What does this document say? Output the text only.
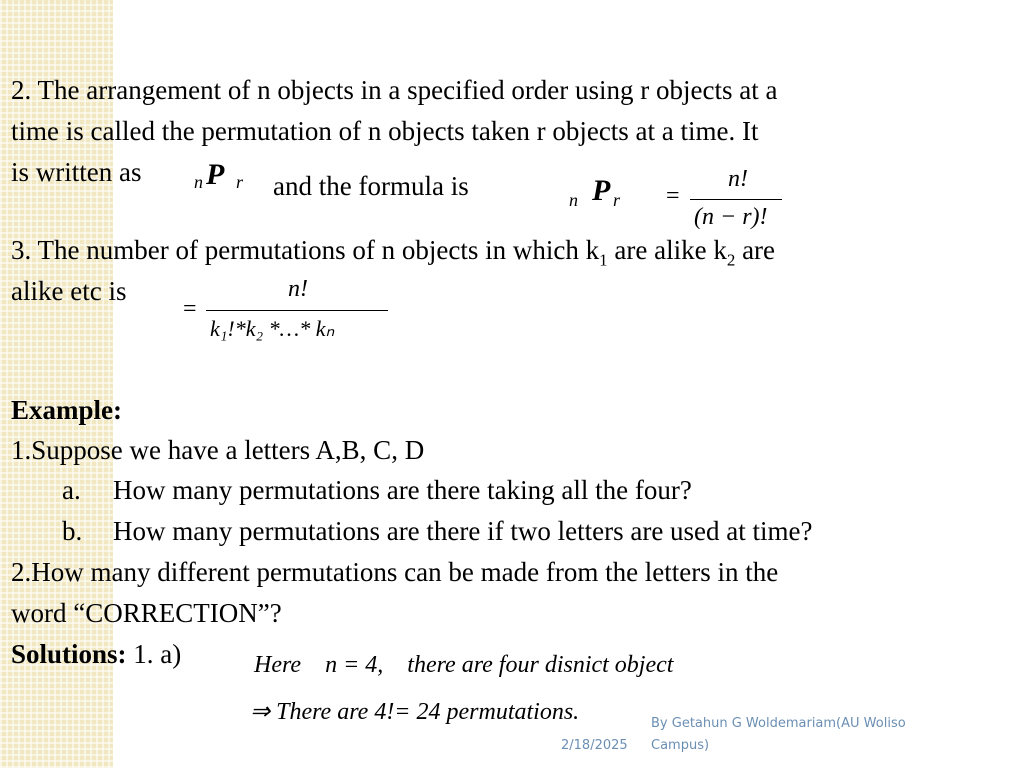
2. The arrangement of n objects in a specified order using r objects at a
time is called the permutation of n objects taken r objects at a time. It
is written as	n P r and the formula is	n P r =
n!
(n − r)!
3. The number of permutations of n objects in which $k_1$ are alike $k_2$ are
alike etc is
=
n!
k₁!*k₂ *…* kₙ
Example:
1.Suppose we have a letters A,B, C, D
a. How many permutations are there taking all the four?
b. How many permutations are there if two letters are used at time?
2.How many different permutations can be made from the letters in the
word “CORRECTION”?
Solutions: 1. a)	Here    n = 4,    there are four disnict object
⇒ There are 4!= 24 permutations.
2/18/2025
By Getahun G Woldemariam(AU Woliso
Campus)
